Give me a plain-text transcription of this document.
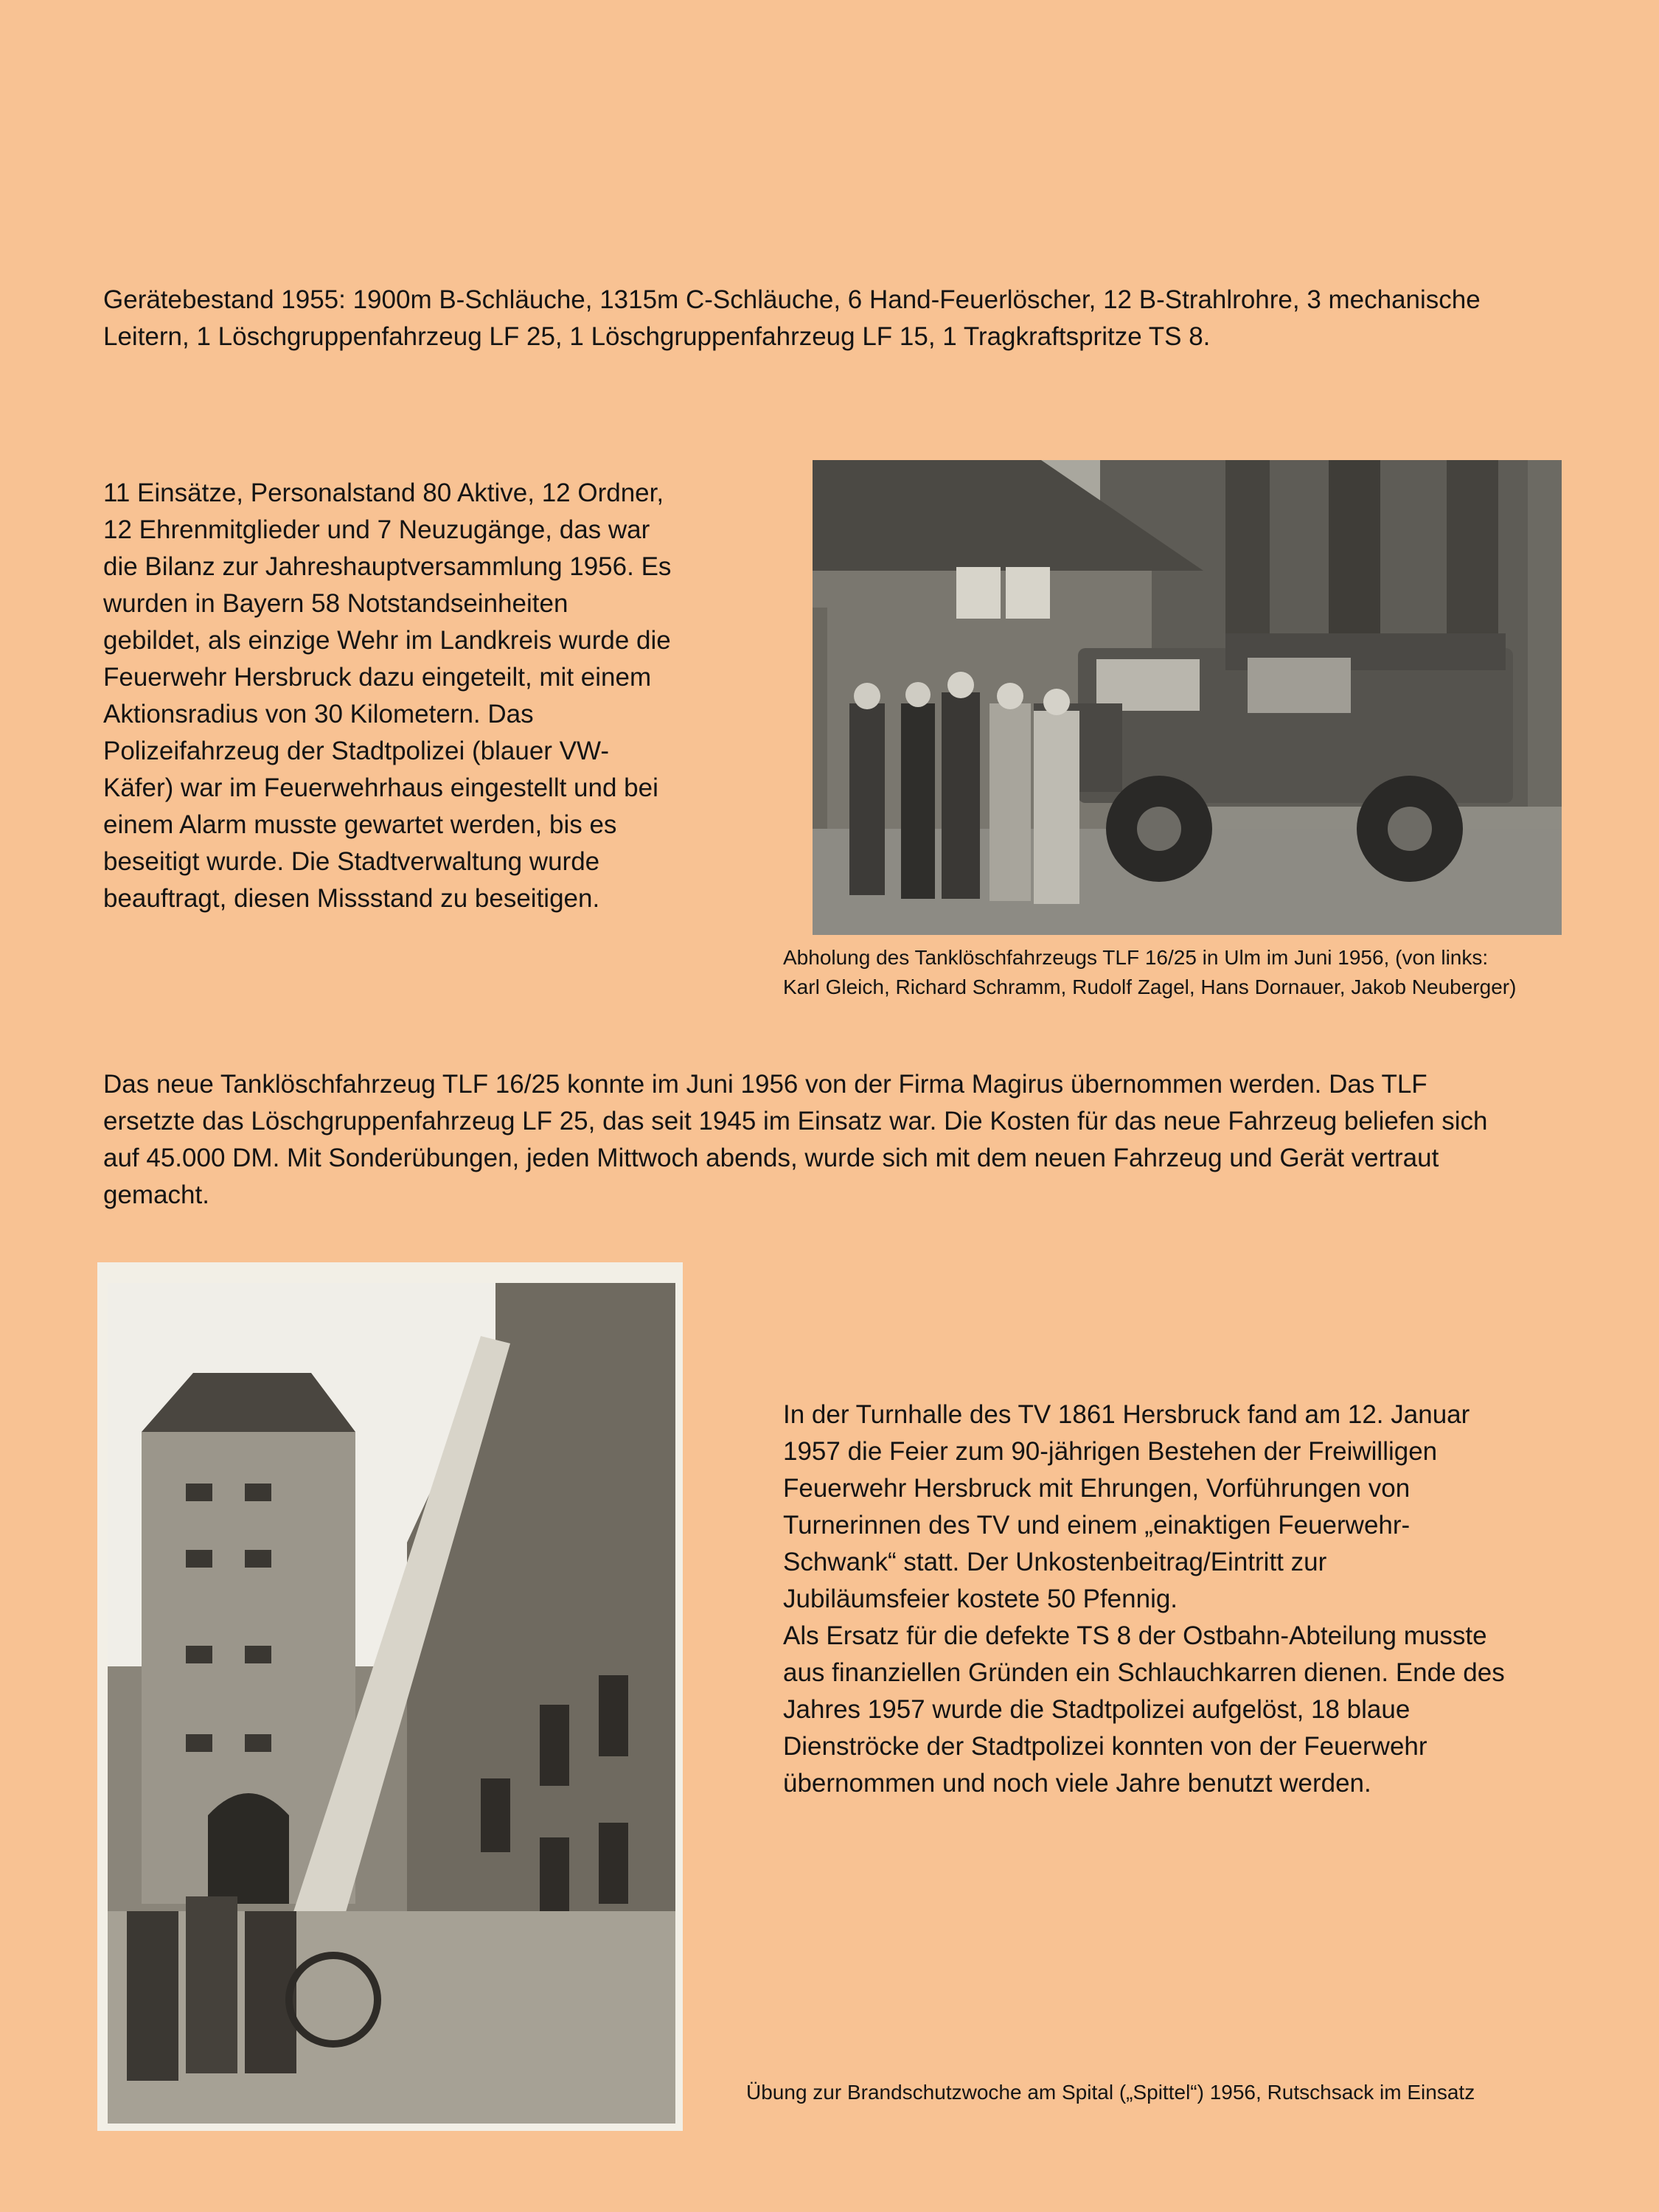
Gerätebestand 1955: 1900m B-Schläuche, 1315m C-Schläuche, 6 Hand-Feuerlöscher, 12 B-Strahlrohre, 3 mechanische
Leitern, 1 Löschgruppenfahrzeug LF 25, 1 Löschgruppenfahrzeug LF 15, 1 Tragkraftspritze TS 8.

11 Einsätze, Personalstand 80 Aktive, 12 Ordner,
12 Ehrenmitglieder und 7 Neuzugänge, das war
die Bilanz zur Jahreshauptversammlung 1956. Es
wurden in Bayern 58 Notstandseinheiten
gebildet, als einzige Wehr im Landkreis wurde die
Feuerwehr Hersbruck dazu eingeteilt, mit einem
Aktionsradius von 30 Kilometern. Das
Polizeifahrzeug der Stadtpolizei (blauer VW-
Käfer) war im Feuerwehrhaus eingestellt und bei
einem Alarm musste gewartet werden, bis es
beseitigt wurde. Die Stadtverwaltung wurde
beauftragt, diesen Missstand zu beseitigen.

Abholung des Tanklöschfahrzeugs TLF 16/25 in Ulm im Juni 1956, (von links:
Karl Gleich, Richard Schramm, Rudolf Zagel, Hans Dornauer, Jakob Neuberger)

Das neue Tanklöschfahrzeug TLF 16/25 konnte im Juni 1956 von der Firma Magirus übernommen werden. Das TLF
ersetzte das Löschgruppenfahrzeug LF 25, das seit 1945 im Einsatz war. Die Kosten für das neue Fahrzeug beliefen sich
auf 45.000 DM. Mit Sonderübungen, jeden Mittwoch abends, wurde sich mit dem neuen Fahrzeug und Gerät vertraut
gemacht.

In der Turnhalle des TV 1861 Hersbruck fand am 12. Januar
1957 die Feier zum 90-jährigen Bestehen der Freiwilligen
Feuerwehr Hersbruck mit Ehrungen, Vorführungen von
Turnerinnen des TV und einem „einaktigen Feuerwehr-
Schwank“ statt. Der Unkostenbeitrag/Eintritt zur
Jubiläumsfeier kostete 50 Pfennig.
Als Ersatz für die defekte TS 8 der Ostbahn-Abteilung musste
aus finanziellen Gründen ein Schlauchkarren dienen. Ende des
Jahres 1957 wurde die Stadtpolizei aufgelöst, 18 blaue
Dienströcke der Stadtpolizei konnten von der Feuerwehr
übernommen und noch viele Jahre benutzt werden.

Übung zur Brandschutzwoche am Spital („Spittel“) 1956, Rutschsack im Einsatz
